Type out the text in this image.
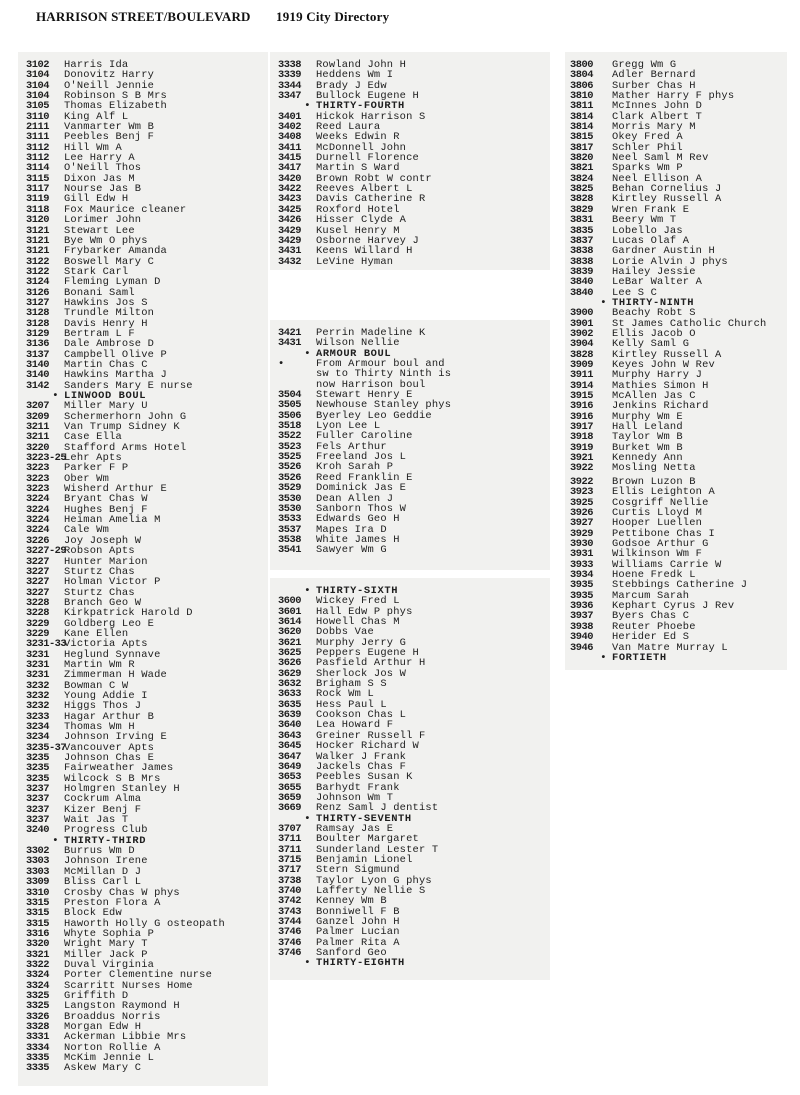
HARRISON STREET/BOULEVARD 1919 City Directory
3102 Harris Ida
3104 Donovitz Harry
3104 O'Neill Jennie
3104 Robinson S B Mrs
3105 Thomas Elizabeth
3110 King Alf L
2111 Vanmarter Wm B
3111 Peebles Benj F
3112 Hill Wm A
3112 Lee Harry A
3114 O'Neill Thos
3115 Dixon Jas M
3117 Nourse Jas B
3119 Gill Edw H
3118 Fox Maurice cleaner
3120 Lorimer John
3121 Stewart Lee
3121 Bye Wm O phys
3121 Frybarker Amanda
3122 Boswell Mary C
3122 Stark Carl
3124 Fleming Lyman D
3126 Bonani Saml
3127 Hawkins Jos S
3128 Trundle Milton
3128 Davis Henry H
3129 Bertram L F
3136 Dale Ambrose D
3137 Campbell Olive P
3140 Martin Chas C
3140 Hawkins Martha J
3142 Sanders Mary E nurse
• LINWOOD BOUL
3207 Miller Mary U
3209 Schermerhorn John G
3211 Van Trump Sidney K
3211 Case Ella
3220 Stafford Arms Hotel
3223-25Lehr Apts
3223 Parker F P
3223 Ober Wm
3223 Wisherd Arthur E
3224 Bryant Chas W
3224 Hughes Benj F
3224 Heiman Amelia M
3224 Cale Wm
3226 Joy Joseph W
3227-29Robson Apts
3227 Hunter Marion
3227 Sturtz Chas
3227 Holman Victor P
3227 Sturtz Chas
3228 Branch Geo W
3228 Kirkpatrick Harold D
3229 Goldberg Leo E
3229 Kane Ellen
3231-33Victoria Apts
3231 Heglund Synnave
3231 Martin Wm R
3231 Zimmerman H Wade
3232 Bowman C W
3232 Young Addie I
3232 Higgs Thos J
3233 Hagar Arthur B
3234 Thomas Wm H
3234 Johnson Irving E
3235-37Vancouver Apts
3235 Johnson Chas E
3235 Fairweather James
3235 Wilcock S B Mrs
3237 Holmgren Stanley H
3237 Cockrum Alma
3237 Kizer Benj F
3237 Wait Jas T
3240 Progress Club
• THIRTY-THIRD
3302 Burrus Wm D
3303 Johnson Irene
3303 McMillan D J
3309 Bliss Carl L
3310 Crosby Chas W phys
3315 Preston Flora A
3315 Block Edw
3315 Haworth Holly G osteopath
3316 Whyte Sophia P
3320 Wright Mary T
3321 Miller Jack P
3322 Duval Virginia
3324 Porter Clementine nurse
3324 Scarritt Nurses Home
3325 Griffith D
3325 Langston Raymond H
3326 Broaddus Norris
3328 Morgan Edw H
3331 Ackerman Libbie Mrs
3334 Norton Rollie A
3335 McKim Jennie L
3335 Askew Mary C
3338 Rowland John H
3339 Heddens Wm I
3344 Brady J Edw
3347 Bullock Eugene H
• THIRTY-FOURTH
3401 Hickok Harrison S
3402 Reed Laura
3408 Weeks Edwin R
3411 McDonnell John
3415 Durnell Florence
3417 Martin S Ward
3420 Brown Robt W contr
3422 Reeves Albert L
3423 Davis Catherine R
3425 Roxford Hotel
3426 Hisser Clyde A
3429 Kusel Henry M
3429 Osborne Harvey J
3431 Keens Willard H
3432 LeVine Hyman
3421 Perrin Madeline K
3431 Wilson Nellie
• ARMOUR BOUL
•	From Armour boul and
sw to Thirty Ninth is
now Harrison boul
3504 Stewart Henry E
3505 Newhouse Stanley phys
3506 Byerley Leo Geddie
3518 Lyon Lee L
3522 Fuller Caroline
3523 Fels Arthur
3525 Freeland Jos L
3526 Kroh Sarah P
3526 Reed Franklin E
3529 Dominick Jas E
3530 Dean Allen J
3530 Sanborn Thos W
3533 Edwards Geo H
3537 Mapes Ira D
3538 White James H
3541 Sawyer Wm G
• THIRTY-SIXTH
3600 Wickey Fred L
3601 Hall Edw P phys
3614 Howell Chas M
3620 Dobbs Vae
3621 Murphy Jerry G
3625 Peppers Eugene H
3626 Pasfield Arthur H
3629 Sherlock Jos W
3632 Brigham S S
3633 Rock Wm L
3635 Hess Paul L
3639 Cookson Chas L
3640 Lea Howard F
3643 Greiner Russell F
3645 Hocker Richard W
3647 Walker J Frank
3649 Jackels Chas F
3653 Peebles Susan K
3655 Barhydt Frank
3659 Johnson Wm T
3669 Renz Saml J dentist
• THIRTY-SEVENTH
3707 Ramsay Jas E
3711 Boulter Margaret
3711 Sunderland Lester T
3715 Benjamin Lionel
3717 Stern Sigmund
3738 Taylor Lyon G phys
3740 Lafferty Nellie S
3742 Kenney Wm B
3743 Bonniwell F B
3744 Ganzel John H
3746 Palmer Lucian
3746 Palmer Rita A
3746 Sanford Geo
• THIRTY-EIGHTH
3800 Gregg Wm G
3804 Adler Bernard
3806 Surber Chas H
3810 Mather Harry F phys
3811 McInnes John D
3814 Clark Albert T
3814 Morris Mary M
3815 Okey Fred A
3817 Schler Phil
3820 Neel Saml M Rev
3821 Sparks Wm P
3824 Neel Ellison A
3825 Behan Cornelius J
3828 Kirtley Russell A
3829 Wren Frank E
3831 Beery Wm T
3835 Lobello Jas
3837 Lucas Olaf A
3838 Gardner Austin H
3838 Lorie Alvin J phys
3839 Hailey Jessie
3840 LeBar Walter A
3840 Lee S C
• THIRTY-NINTH
3900 Beachy Robt S
3901 St James Catholic Church
3902 Ellis Jacob O
3904 Kelly Saml G
3828 Kirtley Russell A
3909 Keyes John W Rev
3911 Murphy Harry J
3914 Mathies Simon H
3915 McAllen Jas C
3916 Jenkins Richard
3916 Murphy Wm E
3917 Hall Leland
3918 Taylor Wm B
3919 Burket Wm B
3921 Kennedy Ann
3922 Mosling Netta
3922 Brown Luzon B
3923 Ellis Leighton A
3925 Cosgriff Nellie
3926 Curtis Lloyd M
3927 Hooper Luellen
3929 Pettibone Chas I
3930 Godsoe Arthur G
3931 Wilkinson Wm F
3933 Williams Carrie W
3934 Hoene Fredk L
3935 Stebbings Catherine J
3935 Marcum Sarah
3936 Kephart Cyrus J Rev
3937 Byers Chas C
3938 Reuter Phoebe
3940 Herider Ed S
3946 Van Matre Murray L
• FORTIETH
